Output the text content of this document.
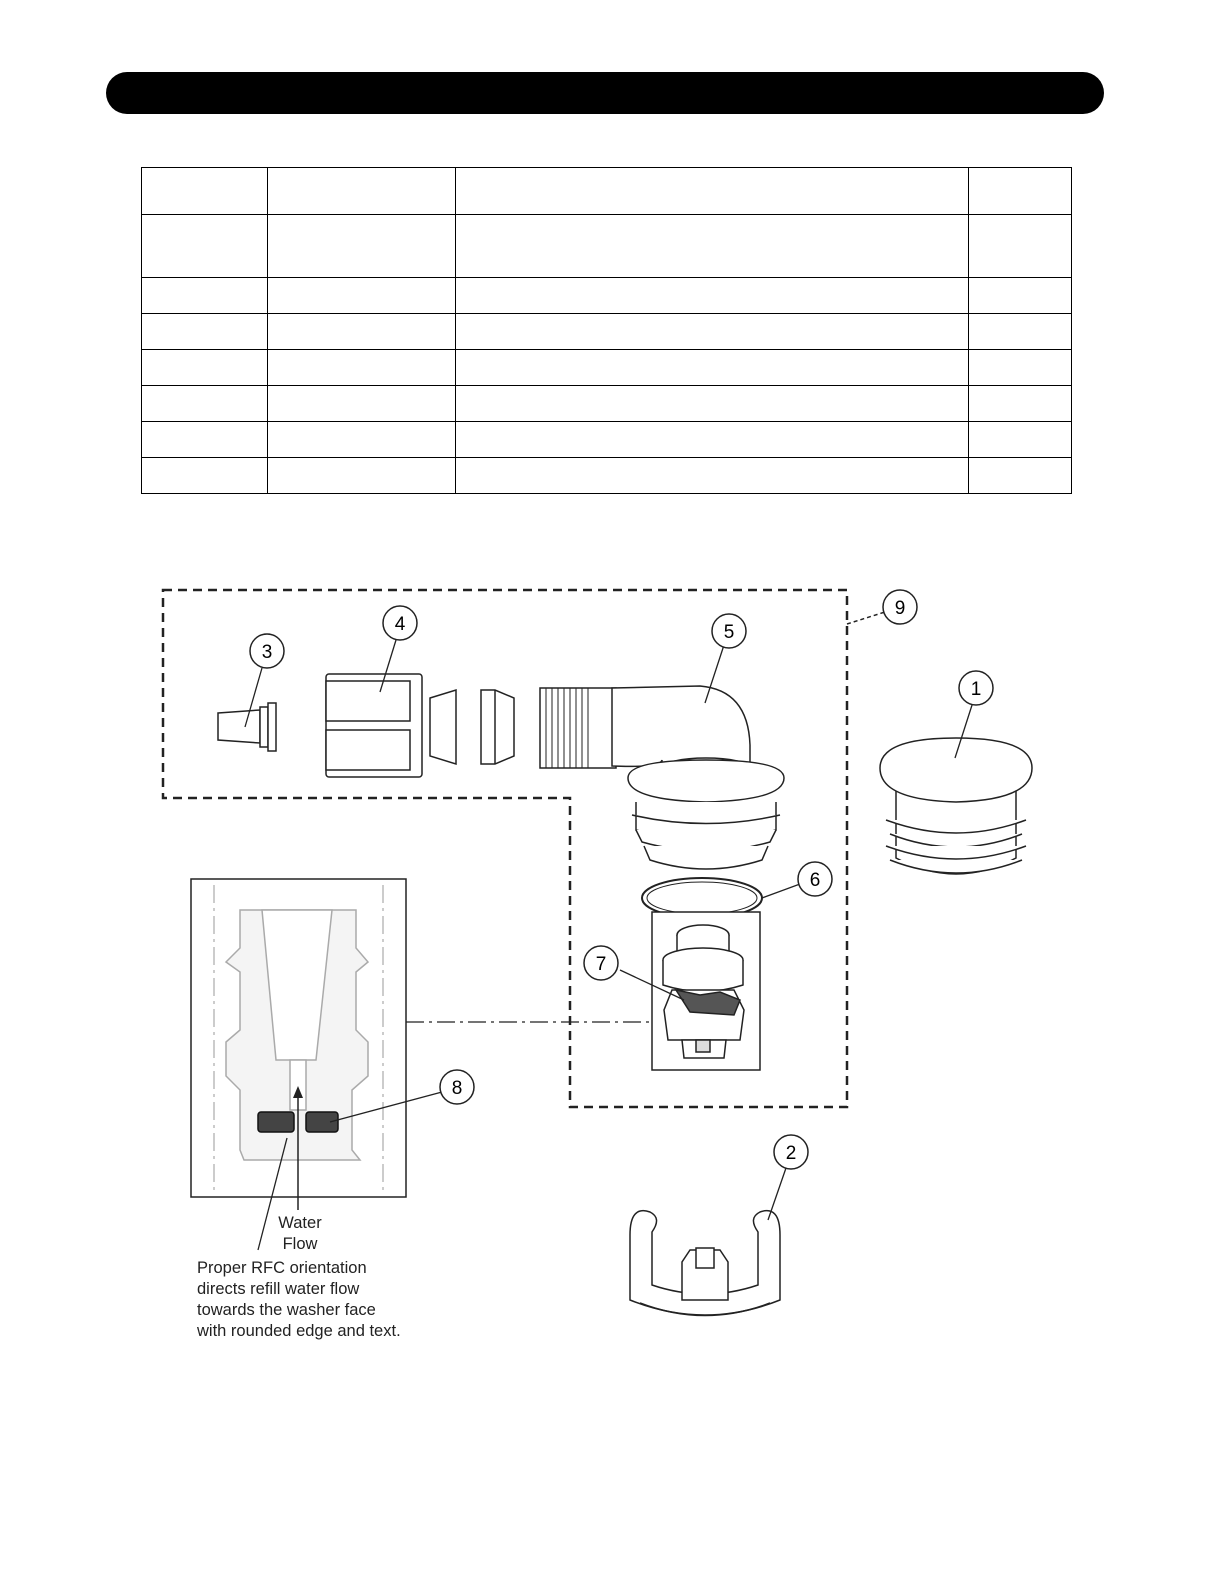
1
2
3
4	5
6
7
8
9
Water
Flow
Proper RFC orientation
directs refill water flow
towards the washer face
with rounded edge and text.
